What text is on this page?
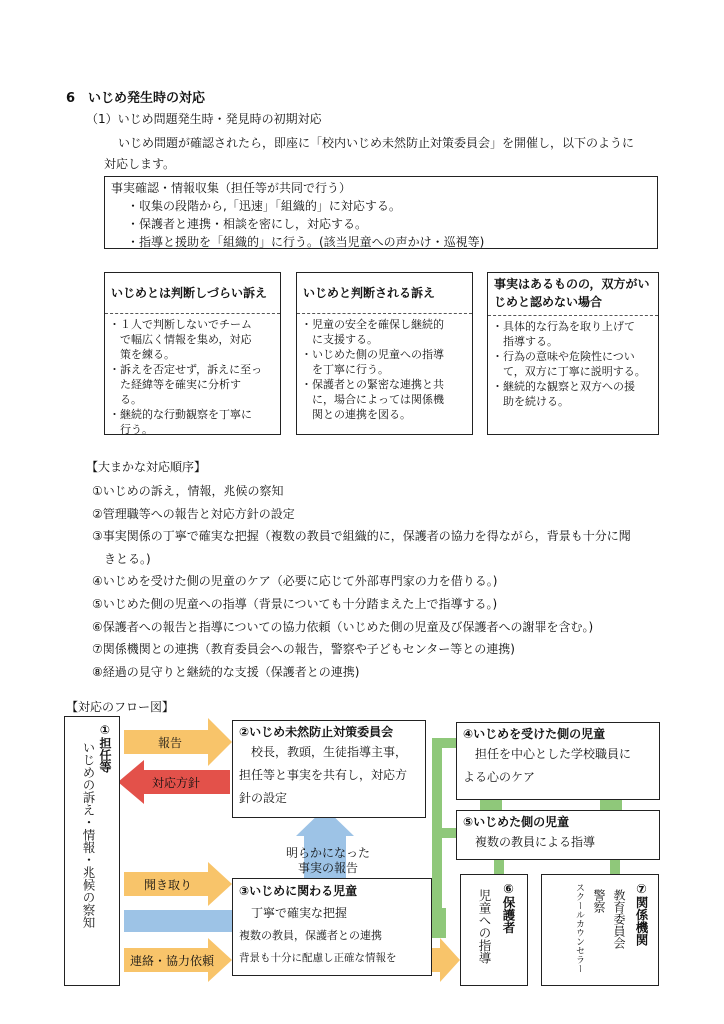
6　いじめ発生時の対応
（1）いじめ問題発生時・発見時の初期対応
いじめ問題が確認されたら，即座に「校内いじめ未然防止対策委員会」を開催し，以下のように
対応します。
事実確認・情報収集（担任等が共同で行う）
・収集の段階から,「迅速」「組織的」に対応する。
・保護者と連携・相談を密にし，対応する。
・指導と援助を「組織的」に行う。(該当児童への声かけ・巡視等)
いじめとは判断しづらい訴え
・１人で判断しないでチーム
　で幅広く情報を集め，対応
　策を練る。
・訴えを否定せず，訴えに至っ
　た経緯等を確実に分析す
　る。
・継続的な行動観察を丁寧に
　行う。
いじめと判断される訴え
・児童の安全を確保し継続的
　に支援する。
・いじめた側の児童への指導
　を丁寧に行う。
・保護者との緊密な連携と共
　に，場合によっては関係機
　関との連携を図る。
事実はあるものの，双方がい
じめと認めない場合
・具体的な行為を取り上げて
　指導する。
・行為の意味や危険性につい
　て，双方に丁寧に説明する。
・継続的な観察と双方への援
　助を続ける。
【大まかな対応順序】
①いじめの訴え，情報，兆候の察知
②管理職等への報告と対応方針の設定
③事実関係の丁寧で確実な把握（複数の教員で組織的に，保護者の協力を得ながら，背景も十分に聞
　きとる。)
④いじめを受けた側の児童のケア（必要に応じて外部専門家の力を借りる。)
⑤いじめた側の児童への指導（背景についても十分踏まえた上で指導する。)
⑥保護者への報告と指導についての協力依頼（いじめた側の児童及び保護者への謝罪を含む。)
⑦関係機関との連携（教育委員会への報告，警察や子どもセンター等との連携)
⑧経過の見守りと継続的な支援（保護者との連携)
【対応のフロー図】
報告
対応方針
聞き取り
連絡・協力依頼
①担任等
いじめの訴え・情報・兆候の察知
②いじめ未然防止対策委員会
　校長，教頭，生徒指導主事，
担任等と事実を共有し，対応方
針の設定
明らかになった
事実の報告
③いじめに関わる児童
　丁寧で確実な把握
複数の教員，保護者との連携
背景も十分に配慮し正確な情報を
④いじめを受けた側の児童
　担任を中心とした学校職員に
よる心のケア
⑤いじめた側の児童
　複数の教員による指導
⑥保護者
児童への指導	⑦関係機関
教育委員会
警察
スクールカウンセラー
